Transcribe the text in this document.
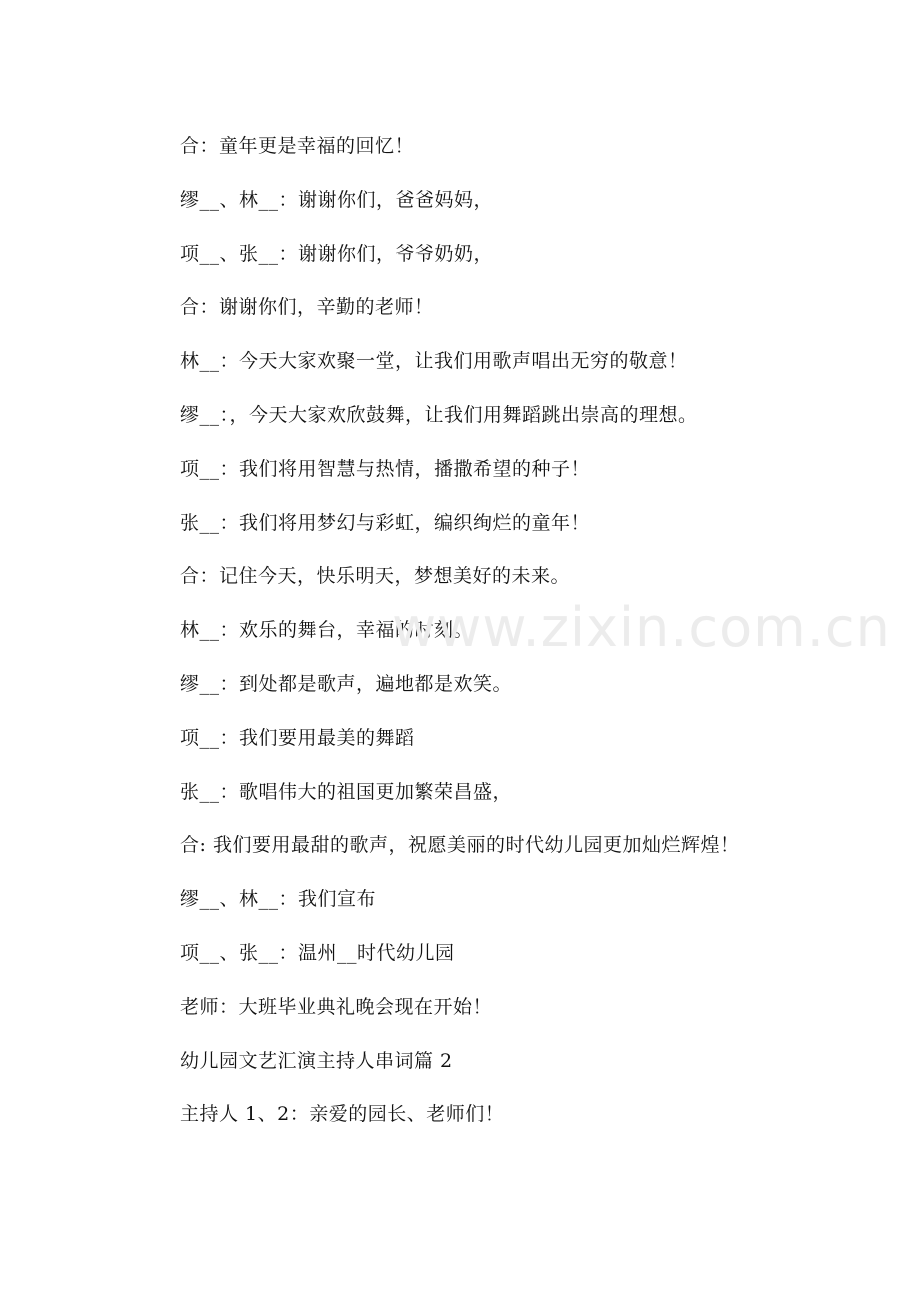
合：童年更是幸福的回忆！
缪__、林__：谢谢你们，爸爸妈妈，
项__、张__：谢谢你们，爷爷奶奶，
合：谢谢你们，辛勤的老师！
林__：今天大家欢聚一堂，让我们用歌声唱出无穷的敬意！
缪__：，今天大家欢欣鼓舞，让我们用舞蹈跳出崇高的理想。
项__：我们将用智慧与热情，播撒希望的种子！
张__：我们将用梦幻与彩虹，编织绚烂的童年！
合：记住今天，快乐明天，梦想美好的未来。
林__：欢乐的舞台，幸福的时刻。
缪__：到处都是歌声，遍地都是欢笑。
项__：我们要用最美的舞蹈
张__：歌唱伟大的祖国更加繁荣昌盛，
合: 我们要用最甜的歌声，祝愿美丽的时代幼儿园更加灿烂辉煌！
缪__、林__：我们宣布
项__、张__：温州__时代幼儿园
老师：大班毕业典礼晚会现在开始！
幼儿园文艺汇演主持人串词篇 2
主持人 1、2：亲爱的园长、老师们！
www.zixin.com.cn
